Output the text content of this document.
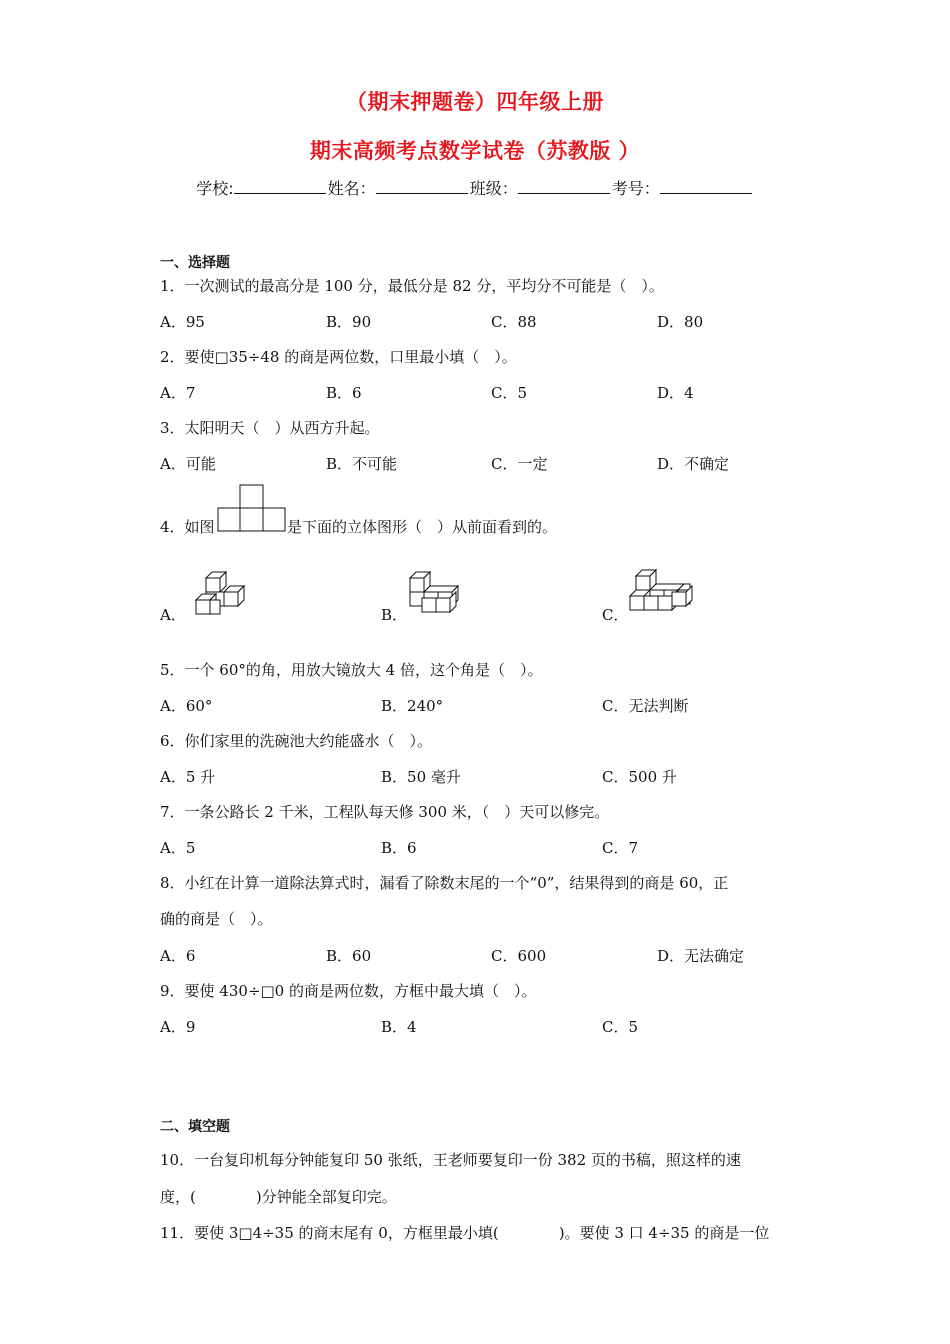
（期末押题卷）四年级上册
期末高频考点数学试卷（苏教版 ）
学校:	姓名：	班级：	考号：
一、选择题
1．一次测试的最高分是 100 分，最低分是 82 分，平均分不可能是（　）。
A．95	B．90	C．88	D．80
2．要使□35÷48 的商是两位数，口里最小填（　）。
A．7	B．6	C．5	D．4
3．太阳明天（　）从西方升起。
A．可能	B．不可能	C．一定	D．不确定
4．如图	是下面的立体图形（　）从前面看到的。
A．	B．	C．
5．一个 60°的角，用放大镜放大 4 倍，这个角是（　）。
A．60°	B．240°	C．无法判断
6．你们家里的洗碗池大约能盛水（　）。
A．5 升	B．50 毫升	C．500 升
7．一条公路长 2 千米，工程队每天修 300 米，（　）天可以修完。
A．5	B．6	C．7
8．小红在计算一道除法算式时，漏看了除数末尾的一个“0”，结果得到的商是 60，正
确的商是（　）。
A．6	B．60	C．600	D．无法确定
9．要使 430÷□0 的商是两位数，方框中最大填（　）。
A．9	B．4	C．5
二、填空题
10．一台复印机每分钟能复印 50 张纸，王老师要复印一份 382 页的书稿，照这样的速
度，(　　　　)分钟能全部复印完。
11．要使 3□4÷35 的商末尾有 0，方框里最小填(　　　　)。要使 3 口 4÷35 的商是一位
